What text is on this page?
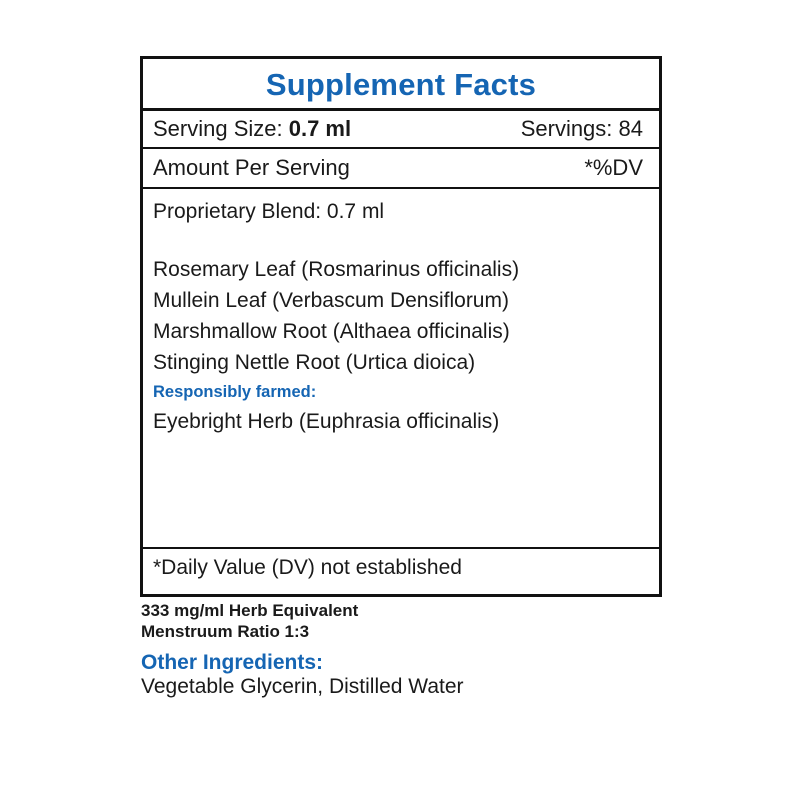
Supplement Facts
Serving Size: 0.7 ml	Servings: 84
Amount Per Serving	*%DV
Proprietary Blend: 0.7 ml
Rosemary Leaf (Rosmarinus officinalis)
Mullein Leaf (Verbascum Densiflorum)
Marshmallow Root (Althaea officinalis)
Stinging Nettle Root (Urtica dioica)
Responsibly farmed:
Eyebright Herb (Euphrasia officinalis)
*Daily Value (DV) not established
333 mg/ml Herb Equivalent
Menstruum Ratio 1:3
Other Ingredients:
Vegetable Glycerin, Distilled Water
